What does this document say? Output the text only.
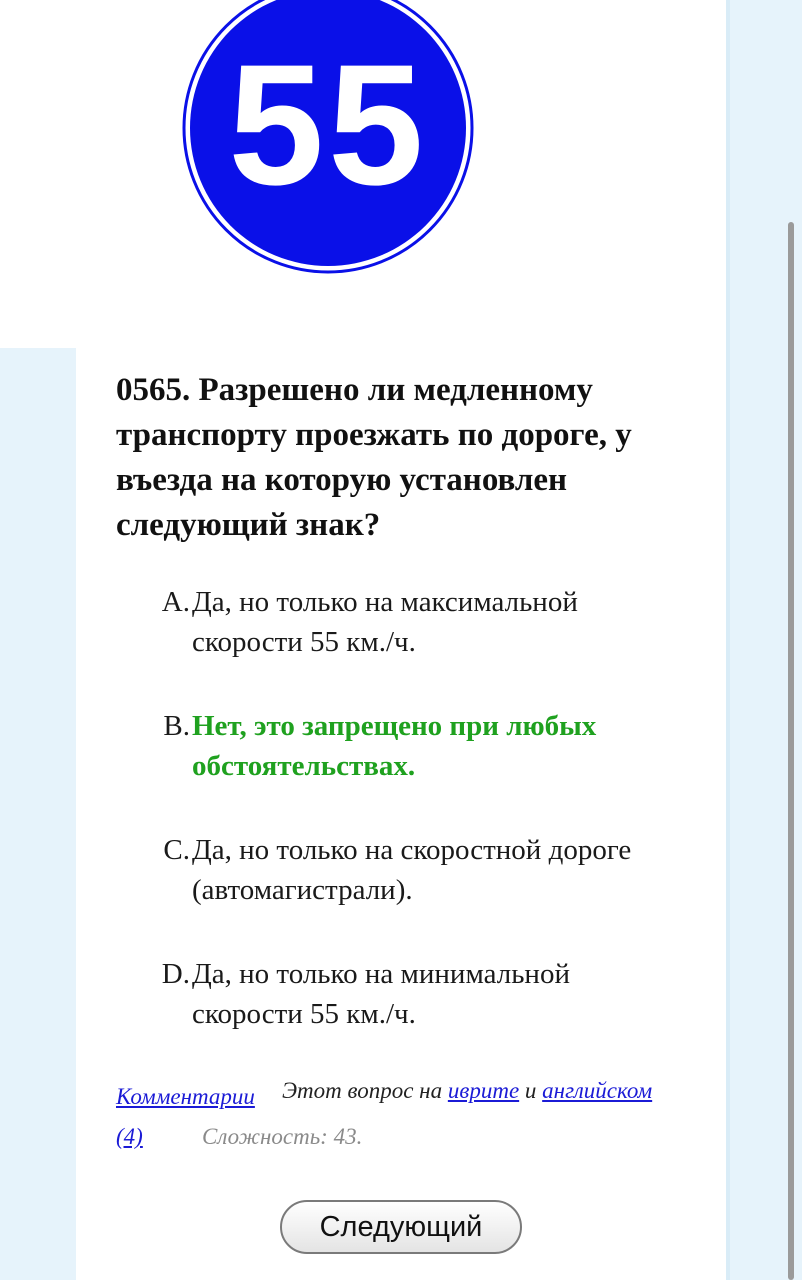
55

0565. Разрешено ли медленному транспорту проезжать по дороге, у въезда на которую установлен следующий знак?

A. Да, но только на максимальной скорости 55 км./ч.
B. Нет, это запрещено при любых обстоятельствах.
C. Да, но только на скоростной дороге (автомагистрали).
D. Да, но только на минимальной скорости 55 км./ч.
Комментарии
(4)
Этот вопрос на иврите и английском
Сложность: 43.
Следующий
